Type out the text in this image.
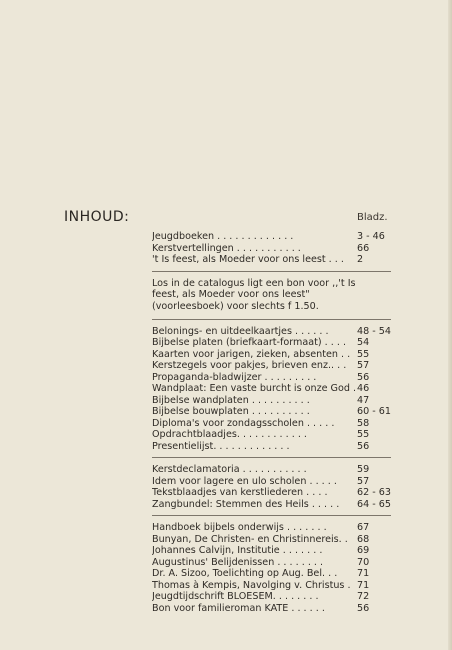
INHOUD:	Bladz.
Jeugdboeken . . . . . . . . . . . . .	3 - 46
Kerstvertellingen . . . . . . . . . . .	66
't Is feest, als Moeder voor ons leest . . .	2
Los in de catalogus ligt een bon voor ,,'t Is feest, als Moeder voor ons leest" (voorleesboek) voor slechts f 1.50.
Belonings- en uitdeelkaartjes . . . . . .	48 - 54
Bijbelse platen (briefkaart-formaat) . . . .	54
Kaarten voor jarigen, zieken, absenten . . 55
Kerstzegels voor pakjes, brieven enz.. . .	57
Propaganda-bladwijzer . . . . . . . . .	56
Wandplaat: Een vaste burcht is onze God . 46
Bijbelse wandplaten . . . . . . . . . .	47
Bijbelse bouwplaten . . . . . . . . . .	60 - 61
Diploma's voor zondagsscholen . . . . .	58
Opdrachtblaadjes. . . . . . . . . . . .	55
Presentielijst. . . . . . . . . . . . .	56
Kerstdeclamatoria . . . . . . . . . . .	59
Idem voor lagere en ulo scholen . . . . .	57
Tekstblaadjes van kerstliederen . . . .	62 - 63
Zangbundel: Stemmen des Heils . . . . .	64 - 65
Handboek bijbels onderwijs . . . . . . .	67
Bunyan, De Christen- en Christinnereis. . 68
Johannes Calvijn, Institutie . . . . . . .	69
Augustinus' Belijdenissen . . . . . . . .	70
Dr. A. Sizoo, Toelichting op Aug. Bel. . .	71
Thomas à Kempis, Navolging v. Christus . 71
Jeugdtijdschrift BLOESEM. . . . . . . .	72
Bon voor familieroman KATE . . . . . .	56
